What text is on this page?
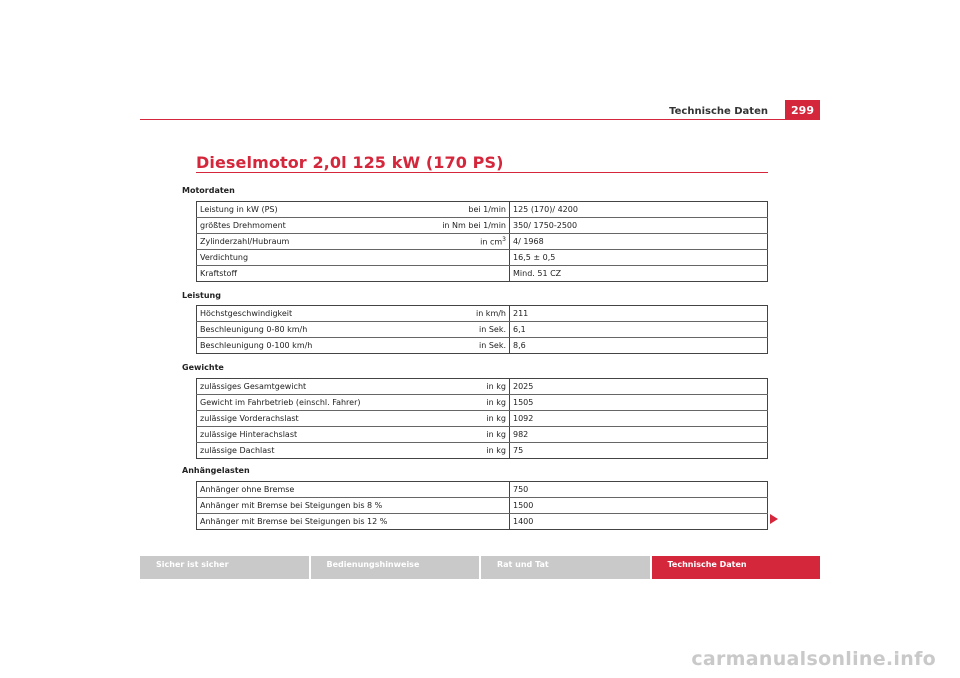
Technische Daten	299
Dieselmotor 2,0l 125 kW (170 PS)
Motordaten
Leistung in kW (PS)	bei 1/min	125 (170)/ 4200
größtes Drehmoment	in Nm bei 1/min	350/ 1750-2500
Zylinderzahl/Hubraum	in $cm^3$	4/ 1968
Verdichtung		16,5 ± 0,5
Kraftstoff		Mind. 51 CZ
Leistung
Höchstgeschwindigkeit	in km/h	211
Beschleunigung 0-80 km/h	in Sek.	6,1
Beschleunigung 0-100 km/h	in Sek.	8,6
Gewichte
zulässiges Gesamtgewicht	in kg	2025
Gewicht im Fahrbetrieb (einschl. Fahrer)	in kg	1505
zulässige Vorderachslast	in kg	1092
zulässige Hinterachslast	in kg	982
zulässige Dachlast	in kg	75
Anhängelasten
Anhänger ohne Bremse		750
Anhänger mit Bremse bei Steigungen bis 8 %		1500
Anhänger mit Bremse bei Steigungen bis 12 %		1400
Sicher ist sicher	Bedienungshinweise	Rat und Tat	Technische Daten
carmanualsonline.info
